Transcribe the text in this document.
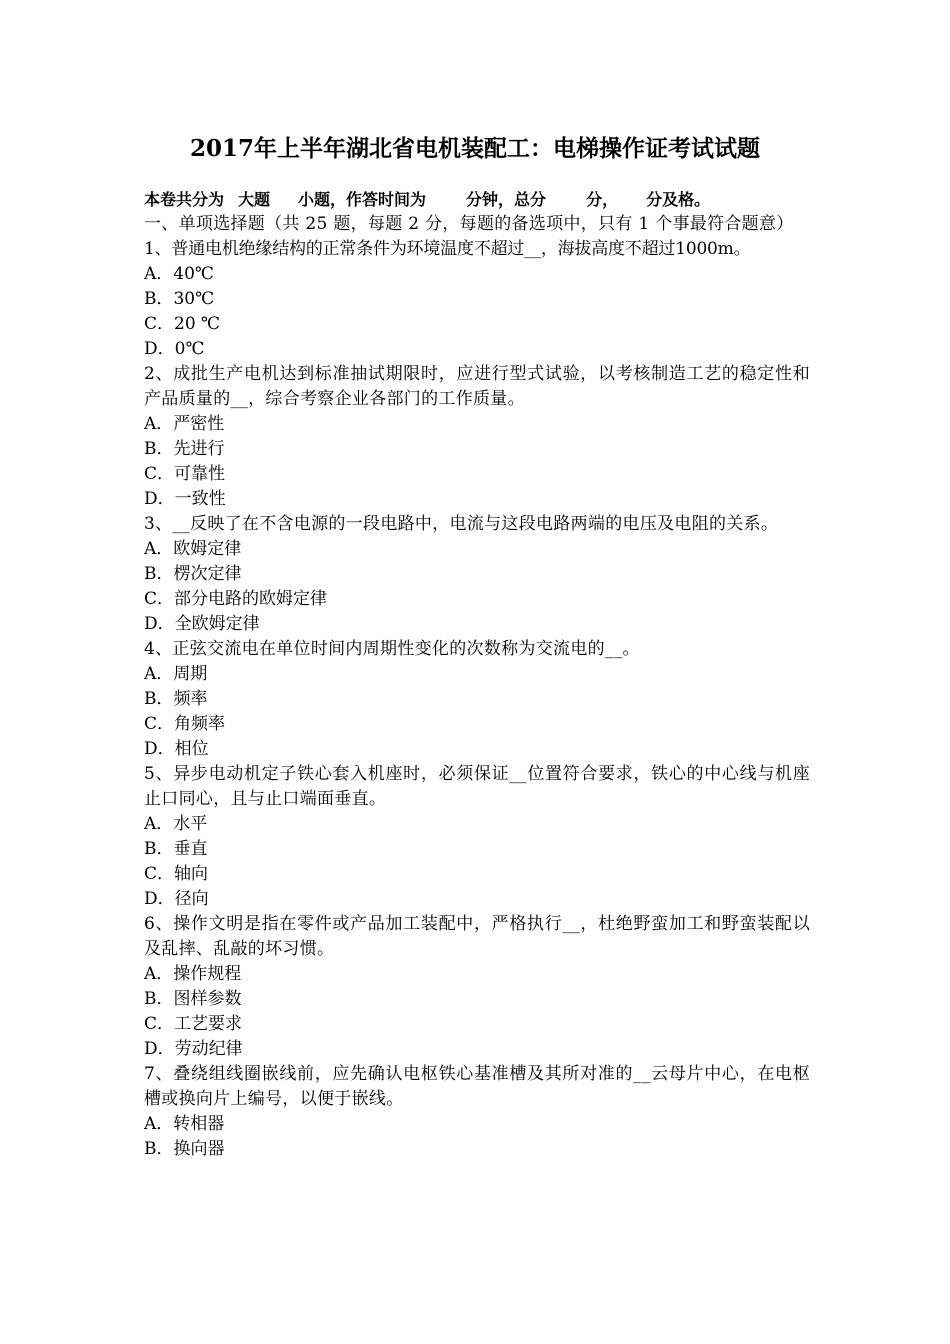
2017年上半年湖北省电机装配工：电梯操作证考试试题
本卷共分为 大题 小题，作答时间为	分钟，总分	分， 分及格。
一、单项选择题（共 25 题，每题 2 分，每题的备选项中，只有 1 个事最符合题意）
1、普通电机绝缘结构的正常条件为环境温度不超过__，海拔高度不超过1000m。
A．40℃
B．30℃
C．20 ℃
D．0℃
2、成批生产电机达到标准抽试期限时，应进行型式试验，以考核制造工艺的稳定性和产品质量的__，综合考察企业各部门的工作质量。
A．严密性
B．先进行
C．可靠性
D．一致性
3、__反映了在不含电源的一段电路中，电流与这段电路两端的电压及电阻的关系。
A．欧姆定律
B．楞次定律
C．部分电路的欧姆定律
D．全欧姆定律
4、正弦交流电在单位时间内周期性变化的次数称为交流电的__。
A．周期
B．频率
C．角频率
D．相位
5、异步电动机定子铁心套入机座时，必须保证__位置符合要求，铁心的中心线与机座止口同心，且与止口端面垂直。
A．水平
B．垂直
C．轴向
D．径向
6、操作文明是指在零件或产品加工装配中，严格执行__，杜绝野蛮加工和野蛮装配以及乱摔、乱敲的坏习惯。
A．操作规程
B．图样参数
C．工艺要求
D．劳动纪律
7、叠绕组线圈嵌线前，应先确认电枢铁心基准槽及其所对准的__云母片中心，在电枢槽或换向片上编号，以便于嵌线。
A．转相器
B．换向器
